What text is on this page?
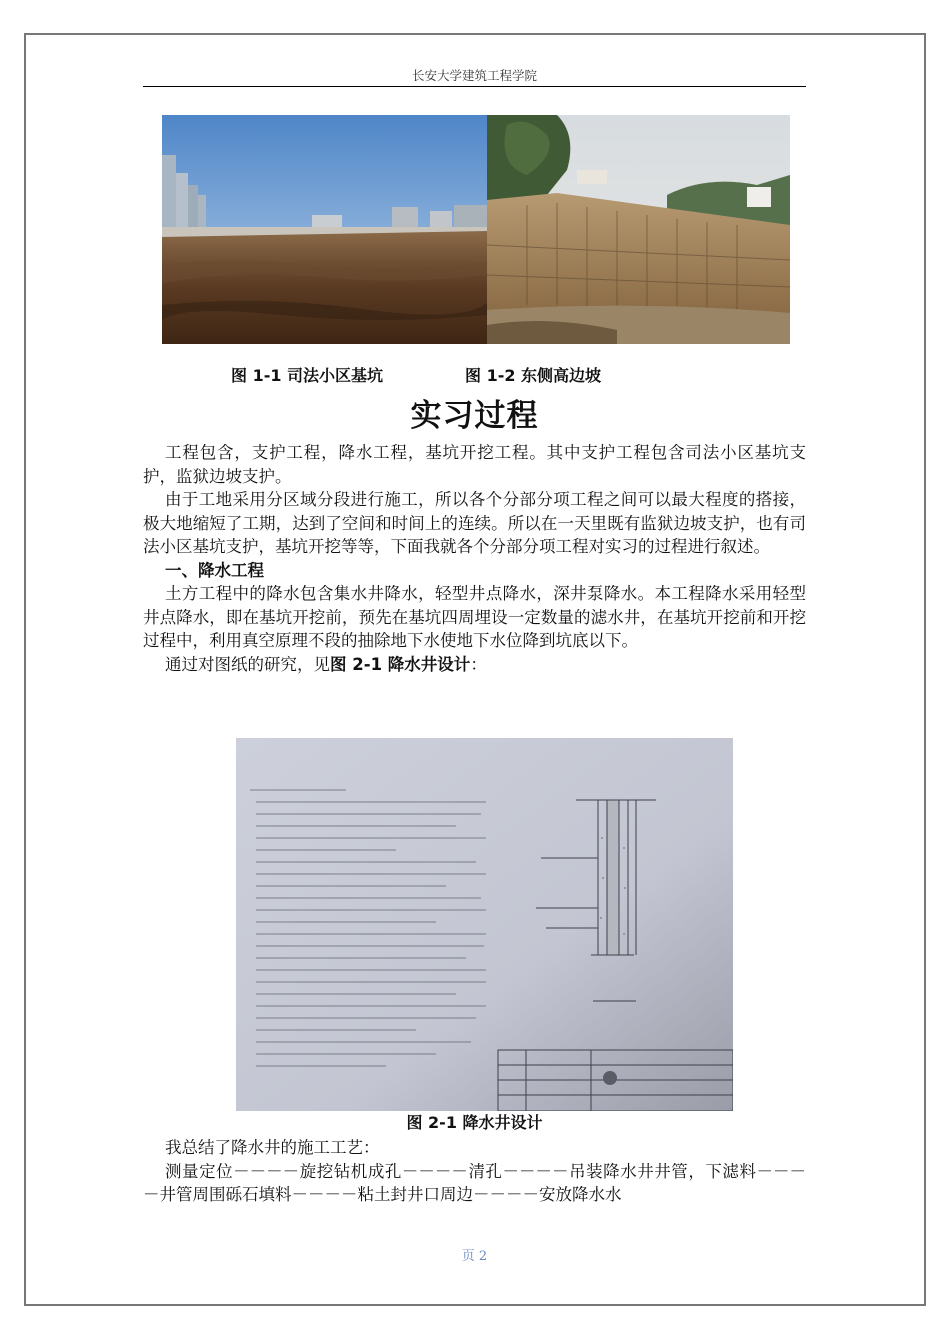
长安大学建筑工程学院
图 1-1 司法小区基坑	图 1-2 东侧高边坡
实习过程

工程包含，支护工程，降水工程，基坑开挖工程。其中支护工程包含司法小区基坑支护，监狱边坡支护。

由于工地采用分区域分段进行施工，所以各个分部分项工程之间可以最大程度的搭接，极大地缩短了工期，达到了空间和时间上的连续。所以在一天里既有监狱边坡支护，也有司法小区基坑支护，基坑开挖等等，下面我就各个分部分项工程对实习的过程进行叙述。

一、降水工程

土方工程中的降水包含集水井降水，轻型井点降水，深井泵降水。本工程降水采用轻型井点降水，即在基坑开挖前，预先在基坑四周埋设一定数量的滤水井，在基坑开挖前和开挖过程中，利用真空原理不段的抽除地下水使地下水位降到坑底以下。

通过对图纸的研究，见图 2-1 降水井设计：

图 2-1 降水井设计

我总结了降水井的施工工艺：

测量定位－－－－旋挖钻机成孔－－－－清孔－－－－吊装降水井井管，下滤料－－－－井管周围砾石填料－－－－粘土封井口周边－－－－安放降水水

页 2
